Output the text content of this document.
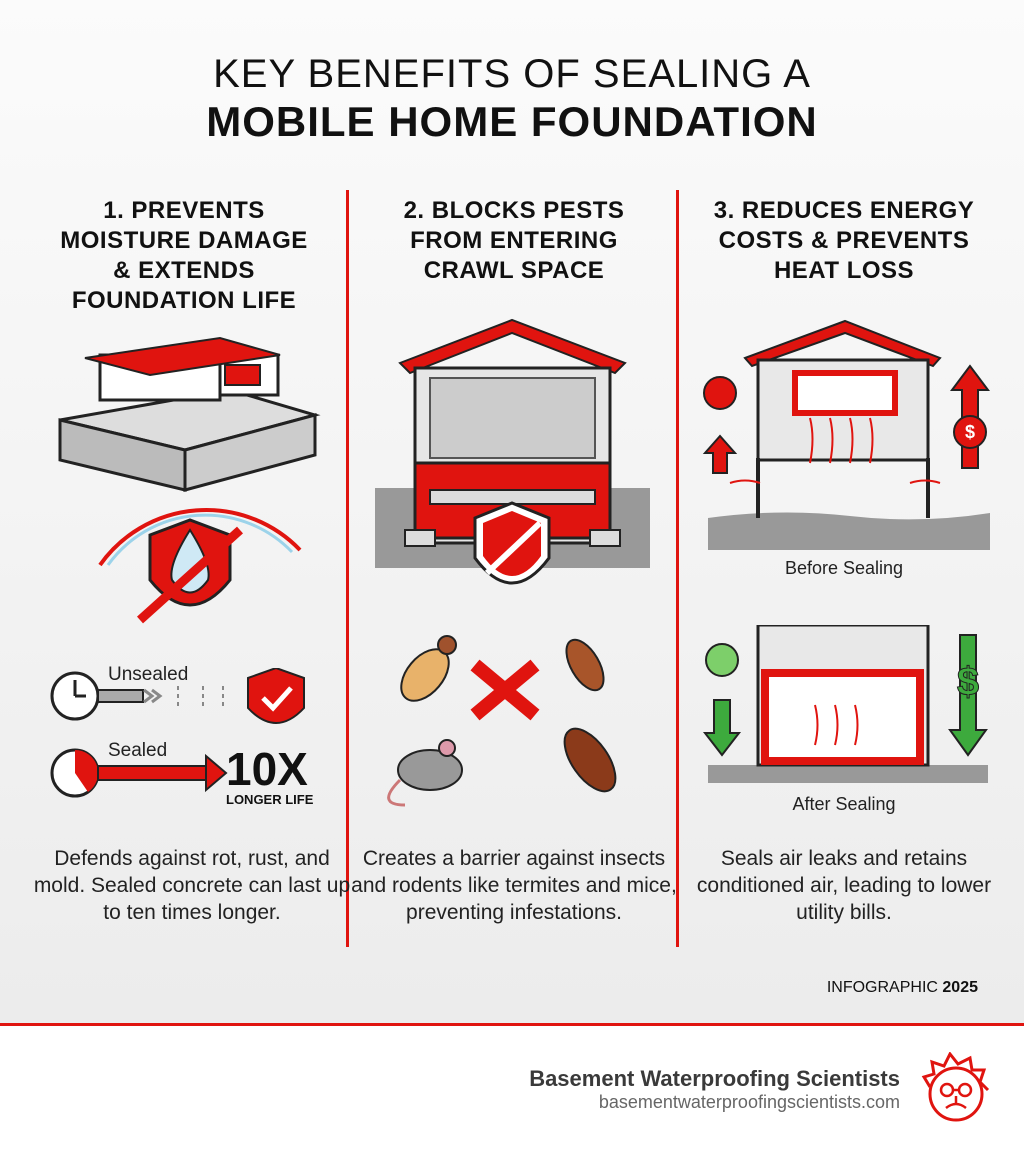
KEY BENEFITS OF SEALING A
MOBILE HOME FOUNDATION
1. PREVENTS
MOISTURE DAMAGE
& EXTENDS
FOUNDATION LIFE
Unsealed
Sealed 10X
LONGER LIFE
Defends against rot, rust, and mold. Sealed concrete can last up to ten times longer.
2. BLOCKS PESTS
FROM ENTERING
CRAWL SPACE
Creates a barrier against insects and rodents like termites and mice, preventing infestations.
3. REDUCES ENERGY
COSTS & PREVENTS
HEAT LOSS
$
Before Sealing
$
After Sealing
Seals air leaks and retains conditioned air, leading to lower utility bills.
INFOGRAPHIC 2025
Basement Waterproofing Scientists
basementwaterproofingscientists.com
